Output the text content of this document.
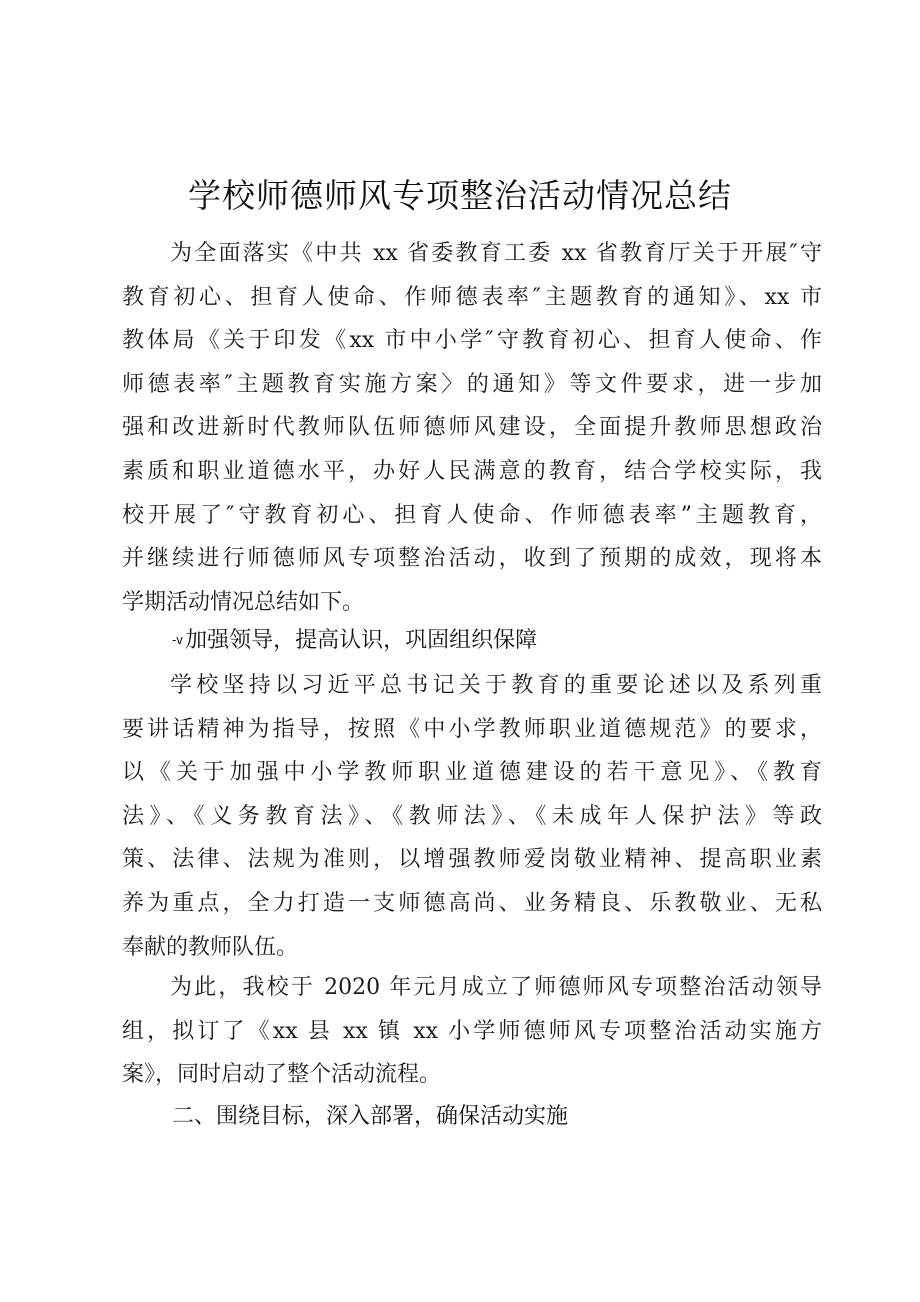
学校师德师风专项整治活动情况总结
为全面落实《中共 xx 省委教育工委 xx 省教育厅关于开展″守
教育初心、担育人使命、作师德表率″主题教育的通知》、xx 市
教体局《关于印发《xx 市中小学″守教育初心、担育人使命、作
师德表率″主题教育实施方案〉的通知》等文件要求，进一步加
强和改进新时代教师队伍师德师风建设，全面提升教师思想政治
素质和职业道德水平，办好人民满意的教育，结合学校实际，我
校开展了″守教育初心、担育人使命、作师德表率”主题教育，
并继续进行师德师风专项整治活动，收到了预期的成效，现将本
学期活动情况总结如下。
-v加强领导，提高认识，巩固组织保障
学校坚持以习近平总书记关于教育的重要论述以及系列重
要讲话精神为指导，按照《中小学教师职业道德规范》的要求，
以《关于加强中小学教师职业道德建设的若干意见》、《教育
法》、《义务教育法》、《教师法》、《未成年人保护法》等政
策、法律、法规为准则，以增强教师爱岗敬业精神、提高职业素
养为重点，全力打造一支师德高尚、业务精良、乐教敬业、无私
奉献的教师队伍。
为此，我校于 2020 年元月成立了师德师风专项整治活动领导
组，拟订了《xx 县 xx 镇 xx 小学师德师风专项整治活动实施方
案》，同时启动了整个活动流程。
二、围绕目标，深入部署，确保活动实施
